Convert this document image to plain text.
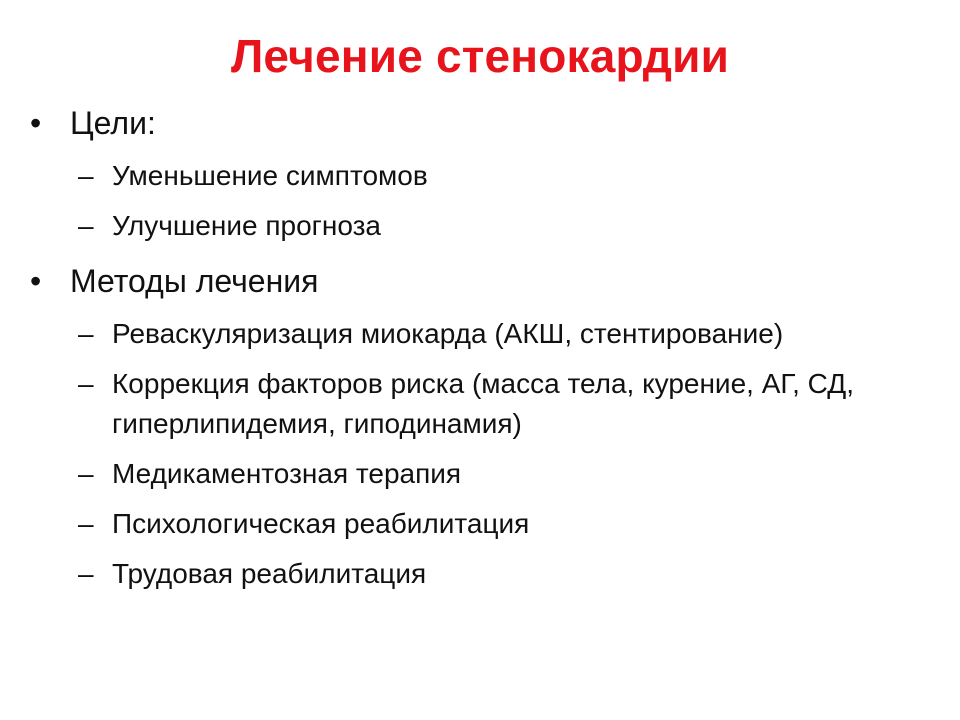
Лечение стенокардии
• Цели:
– Уменьшение симптомов
– Улучшение прогноза
• Методы лечения
– Реваскуляризация миокарда (АКШ, стентирование)
– Коррекция факторов риска (масса тела, курение, АГ, СД, гиперлипидемия, гиподинамия)
– Медикаментозная терапия
– Психологическая реабилитация
– Трудовая реабилитация
